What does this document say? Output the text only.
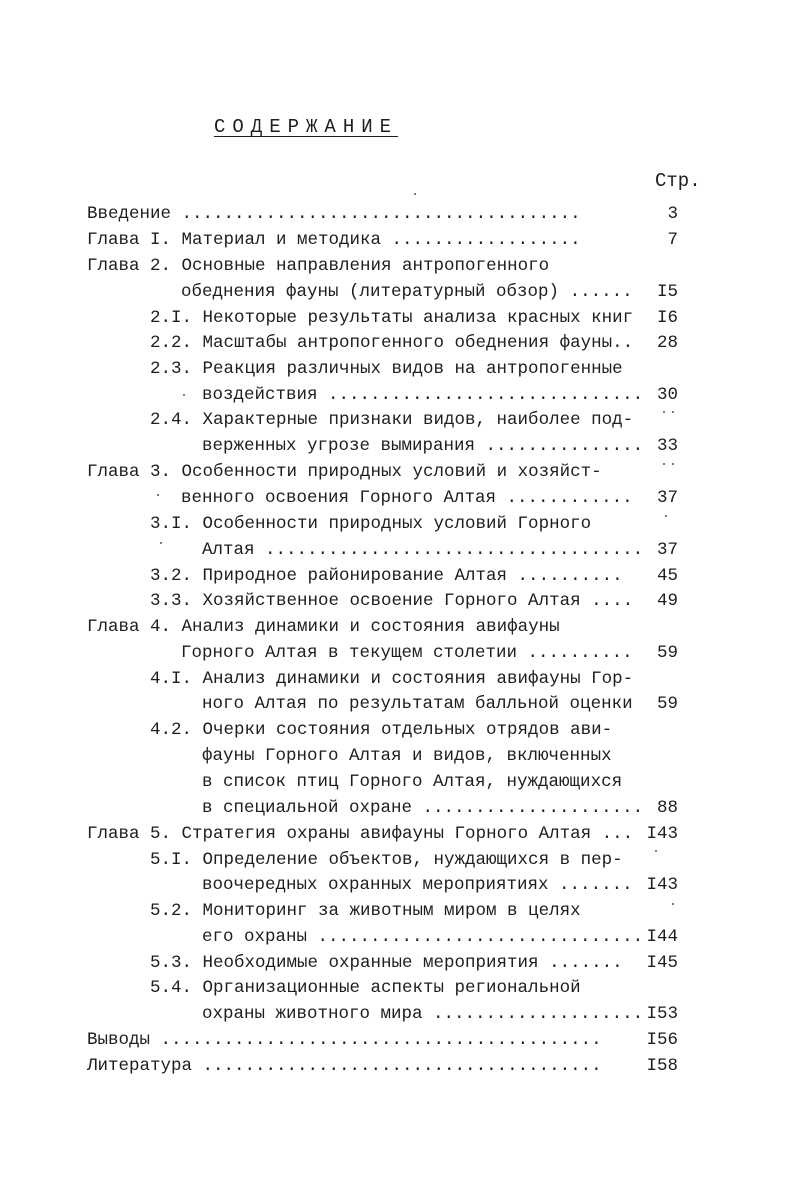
СОДЕРЖАНИЕ
Стр.
Введение ......................................	3
Глава I. Материал и методика ..................	7
Глава 2. Основные направления антропогенного
обеднения фауны (литературный обзор) ...... I5
2.I. Некоторые результаты анализа красных книг I6
2.2. Масштабы антропогенного обеднения фауны.. 28
2.3. Реакция различных видов на антропогенные
воздействия .............................. 30
2.4. Характерные признаки видов, наиболее под-
верженных угрозе вымирания ............... 33
Глава 3. Особенности природных условий и хозяйст-
венного освоения Горного Алтая ............ 37
3.I. Особенности природных условий Горного
Алтая .................................... 37
3.2. Природное районирование Алтая .......... 45
3.3. Хозяйственное освоение Горного Алтая .... 49
Глава 4. Анализ динамики и состояния авифауны
Горного Алтая в текущем столетии .......... 59
4.I. Анализ динамики и состояния авифауны Гор-
ного Алтая по результатам балльной оценки 59
4.2. Очерки состояния отдельных отрядов ави-
фауны Горного Алтая и видов, включенных
в список птиц Горного Алтая, нуждающихся
в специальной охране ..................... 88
Глава 5. Стратегия охраны авифауны Горного Алтая ... I43
5.I. Определение объектов, нуждающихся в пер-
воочередных охранных мероприятиях ....... I43
5.2. Мониторинг за животным миром в целях
его охраны ............................... I44
5.3. Необходимые охранные мероприятия ....... I45
5.4. Организационные аспекты региональной
охраны животного мира .................... I53
Выводы ..........................................	I56
Литература ......................................	I58
